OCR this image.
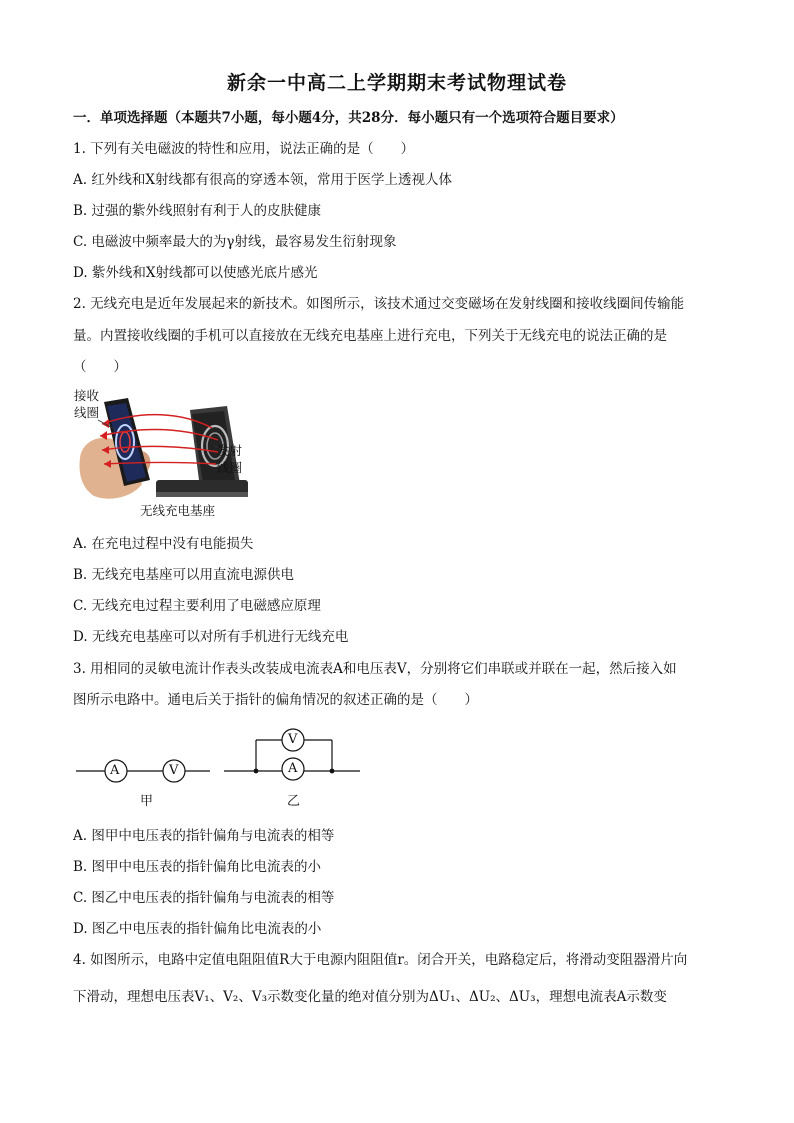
新余一中高二上学期期末考试物理试卷
一．单项选择题（本题共7小题，每小题4分，共28分．每小题只有一个选项符合题目要求）
1. 下列有关电磁波的特性和应用，说法正确的是（　　）
A. 红外线和X射线都有很高的穿透本领，常用于医学上透视人体
B. 过强的紫外线照射有利于人的皮肤健康
C. 电磁波中频率最大的为γ射线，最容易发生衍射现象
D. 紫外线和X射线都可以使感光底片感光
2. 无线充电是近年发展起来的新技术。如图所示，该技术通过交变磁场在发射线圈和接收线圈间传输能
量。内置接收线圈的手机可以直接放在无线充电基座上进行充电，下列关于无线充电的说法正确的是
（　　）
接收
线圈
发射
线圈
无线充电基座
A. 在充电过程中没有电能损失
B. 无线充电基座可以用直流电源供电
C. 无线充电过程主要利用了电磁感应原理
D. 无线充电基座可以对所有手机进行无线充电
3. 用相同的灵敏电流计作表头改装成电流表A和电压表V，分别将它们串联或并联在一起，然后接入如
图所示电路中。通电后关于指针的偏角情况的叙述正确的是（　　）
A	V
V
A
甲	乙
A. 图甲中电压表的指针偏角与电流表的相等
B. 图甲中电压表的指针偏角比电流表的小
C. 图乙中电压表的指针偏角与电流表的相等
D. 图乙中电压表的指针偏角比电流表的小
4. 如图所示，电路中定值电阻阻值R大于电源内阻阻值r。闭合开关，电路稳定后，将滑动变阻器滑片向
下滑动，理想电压表V₁、V₂、V₃示数变化量的绝对值分别为ΔU₁、ΔU₂、ΔU₃，理想电流表A示数变
